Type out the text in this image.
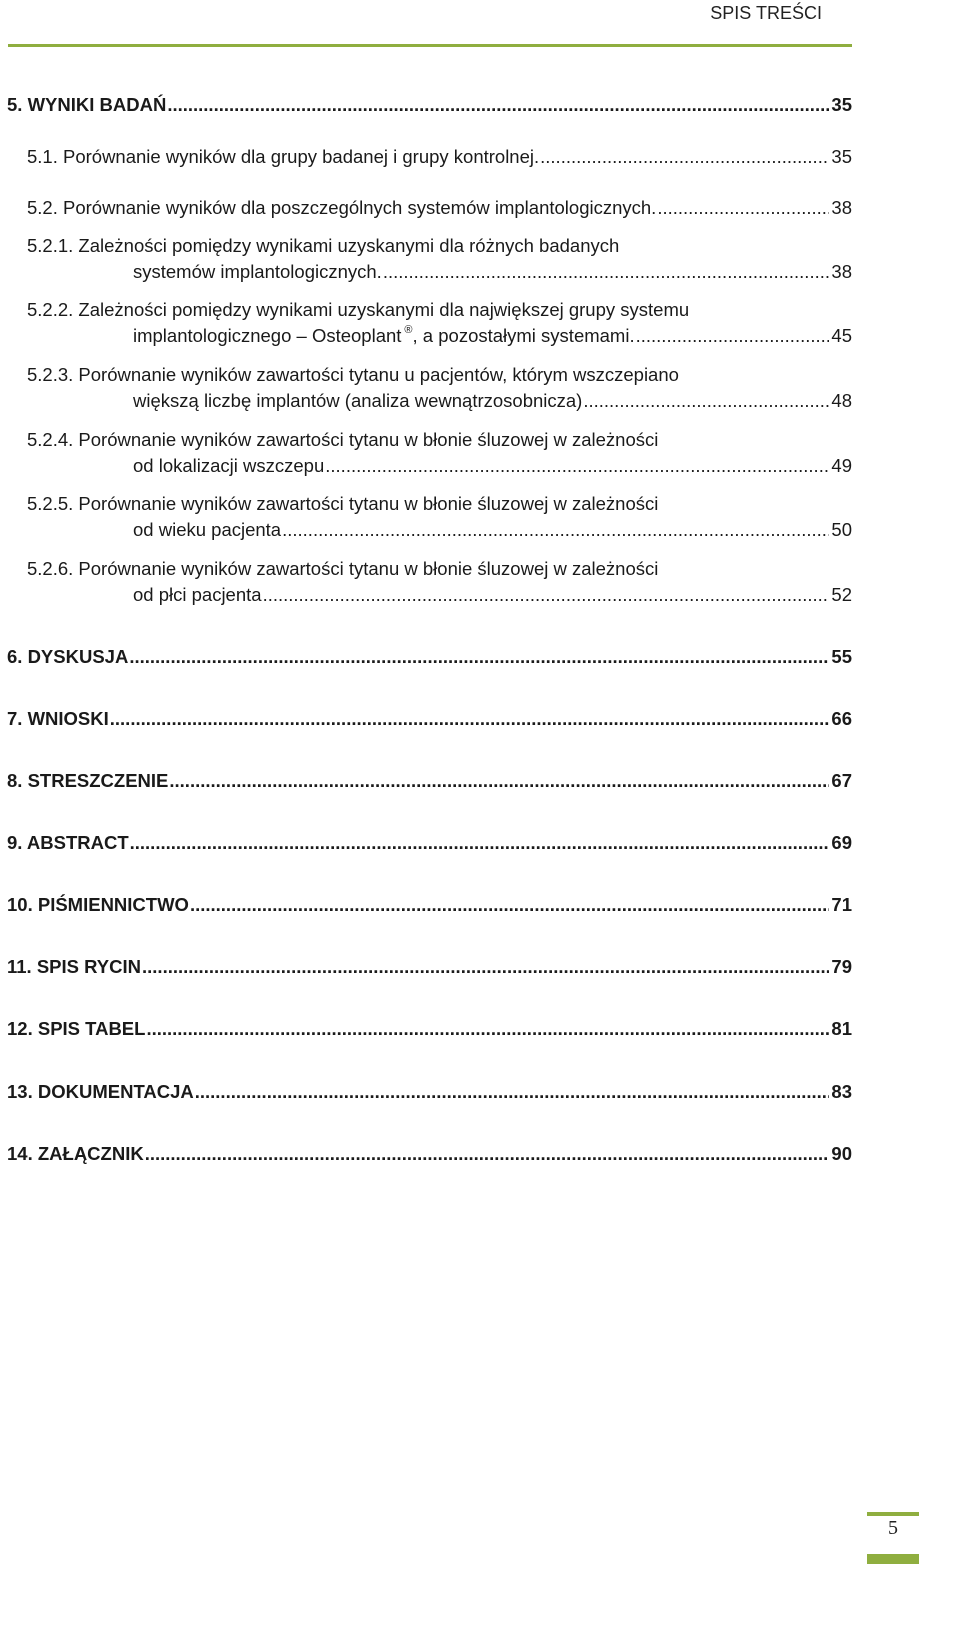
SPIS TREŚCI
5. WYNIKI BADAŃ .....	35
5.1. Porównanie wyników dla grupy badanej i grupy kontrolnej. .....	35
5.2. Porównanie wyników dla poszczególnych systemów implantologicznych. .....	38
5.2.1. Zależności pomiędzy wynikami uzyskanymi dla różnych badanych
systemów implantologicznych. .....	38
5.2.2. Zależności pomiędzy wynikami uzyskanymi dla największej grupy systemu
implantologicznego – Osteoplant ®, a pozostałymi systemami. .....	45
5.2.3. Porównanie wyników zawartości tytanu u pacjentów, którym wszczepiano
większą liczbę implantów (analiza wewnątrzosobnicza) .....	48
5.2.4. Porównanie wyników zawartości tytanu w błonie śluzowej w zależności
od lokalizacji wszczepu .....	49
5.2.5. Porównanie wyników zawartości tytanu w błonie śluzowej w zależności
od wieku pacjenta .....	50
5.2.6. Porównanie wyników zawartości tytanu w błonie śluzowej w zależności
od płci pacjenta .....	52
6. DYSKUSJA .....	55
7. WNIOSKI .....	66
8. STRESZCZENIE .....	67
9. ABSTRACT .....	69
10. PIŚMIENNICTWO .....	71
11. SPIS RYCIN .....	79
12. SPIS TABEL .....	81
13. DOKUMENTACJA .....	83
14. ZAŁĄCZNIK .....	90
5
